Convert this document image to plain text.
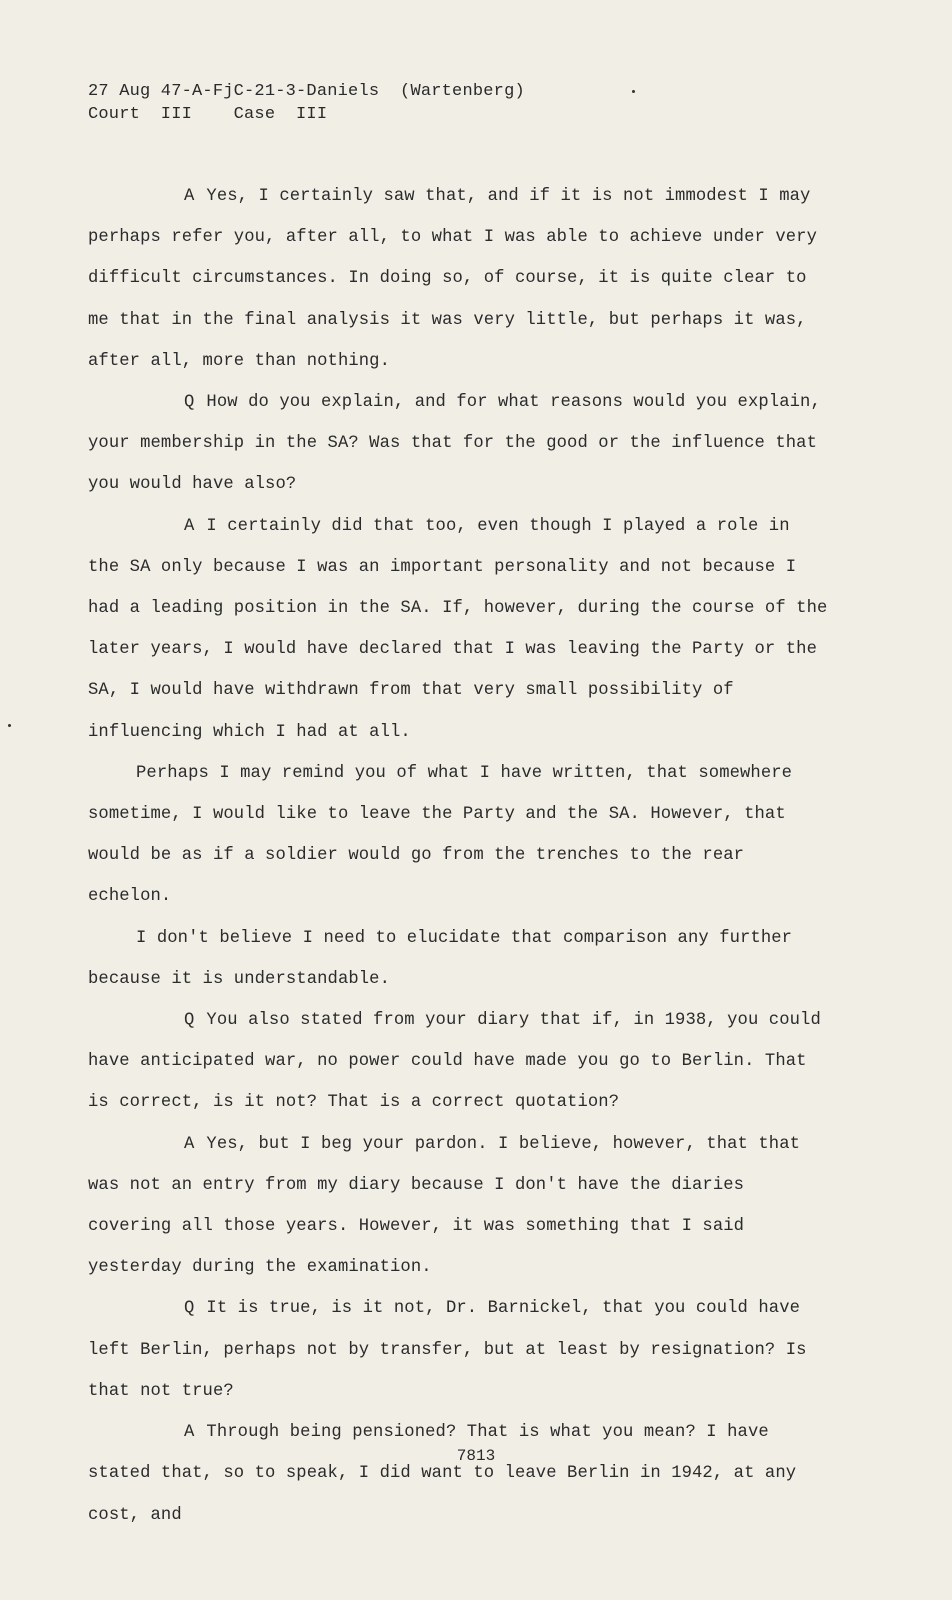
27 Aug 47-A-FjC-21-3-Daniels  (Wartenberg)
Court  III    Case  III

A Yes, I certainly saw that, and if it is not immodest I may perhaps refer you, after all, to what I was able to achieve under very difficult circumstances. In doing so, of course, it is quite clear to me that in the final analysis it was very little, but perhaps it was, after all, more than nothing.

Q How do you explain, and for what reasons would you explain, your membership in the SA? Was that for the good or the influence that you would have also?

A I certainly did that too, even though I played a role in the SA only because I was an important personality and not because I had a leading position in the SA. If, however, during the course of the later years, I would have declared that I was leaving the Party or the SA, I would have withdrawn from that very small possibility of influencing which I had at all.

Perhaps I may remind you of what I have written, that somewhere sometime, I would like to leave the Party and the SA. However, that would be as if a soldier would go from the trenches to the rear echelon.

I don't believe I need to elucidate that comparison any further because it is understandable.

Q You also stated from your diary that if, in 1938, you could have anticipated war, no power could have made you go to Berlin. That is correct, is it not? That is a correct quotation?

A Yes, but I beg your pardon. I believe, however, that that was not an entry from my diary because I don't have the diaries covering all those years. However, it was something that I said yesterday during the examination.

Q It is true, is it not, Dr. Barnickel, that you could have left Berlin, perhaps not by transfer, but at least by resignation? Is that not true?

A Through being pensioned? That is what you mean? I have stated that, so to speak, I did want to leave Berlin in 1942, at any cost, and

7813
